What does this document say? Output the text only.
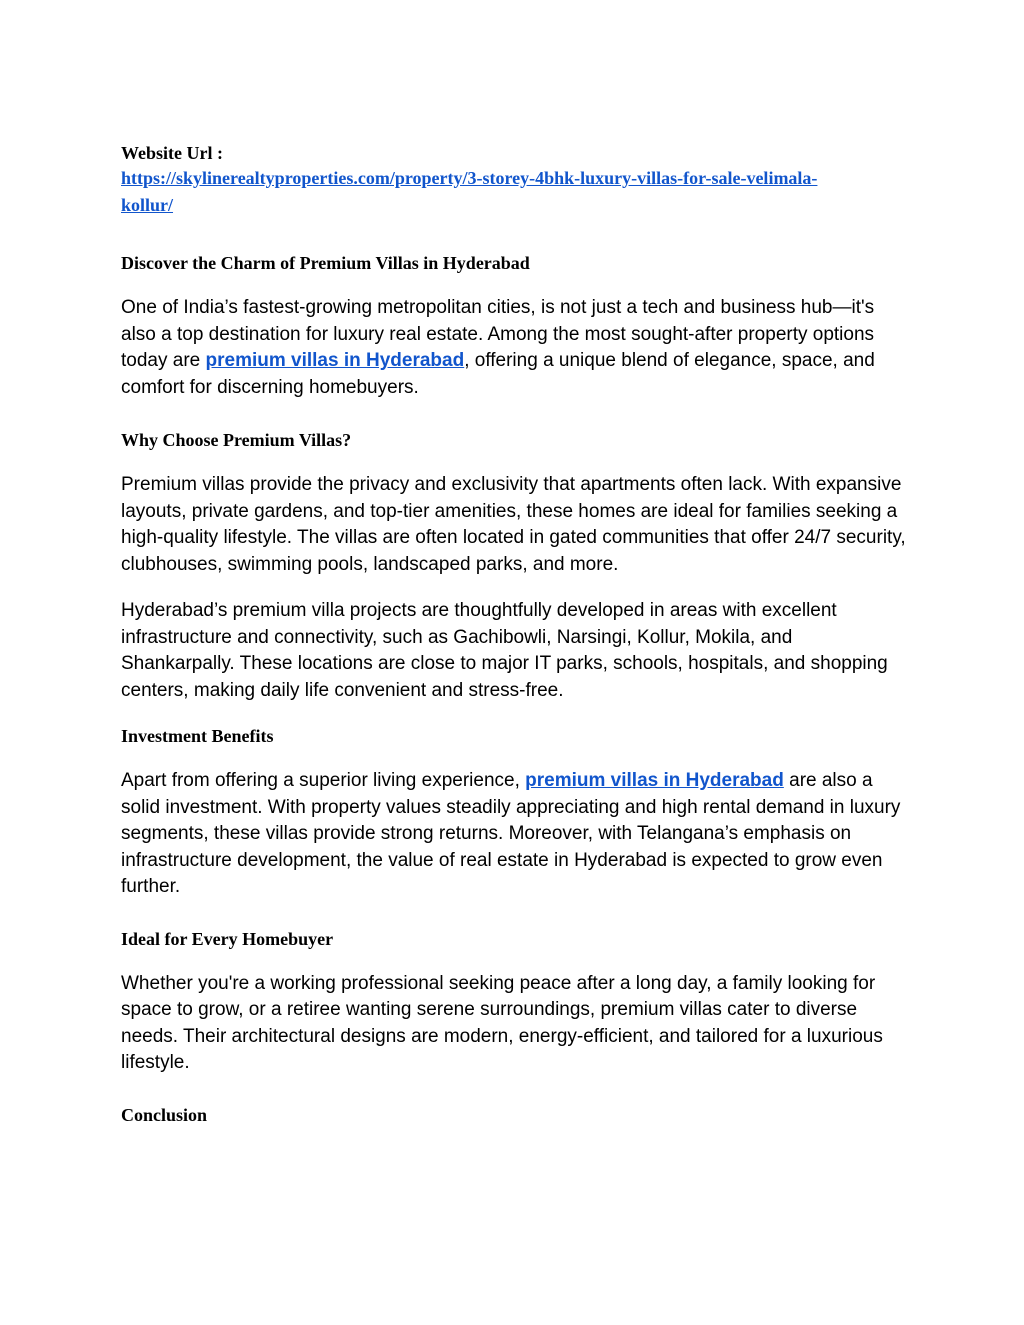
Website Url :

https://skylinerealtyproperties.com/property/3-storey-4bhk-luxury-villas-for-sale-velimala-
kollur/
Discover the Charm of Premium Villas in Hyderabad

One of India’s fastest-growing metropolitan cities, is not just a tech and business hub—it's also a top destination for luxury real estate. Among the most sought-after property options today are premium villas in Hyderabad, offering a unique blend of elegance, space, and comfort for discerning homebuyers.

Why Choose Premium Villas?

Premium villas provide the privacy and exclusivity that apartments often lack. With expansive layouts, private gardens, and top-tier amenities, these homes are ideal for families seeking a high-quality lifestyle. The villas are often located in gated communities that offer 24/7 security, clubhouses, swimming pools, landscaped parks, and more.

Hyderabad’s premium villa projects are thoughtfully developed in areas with excellent infrastructure and connectivity, such as Gachibowli, Narsingi, Kollur, Mokila, and Shankarpally. These locations are close to major IT parks, schools, hospitals, and shopping centers, making daily life convenient and stress-free.

Investment Benefits

Apart from offering a superior living experience, premium villas in Hyderabad are also a solid investment. With property values steadily appreciating and high rental demand in luxury segments, these villas provide strong returns. Moreover, with Telangana’s emphasis on infrastructure development, the value of real estate in Hyderabad is expected to grow even further.

Ideal for Every Homebuyer

Whether you're a working professional seeking peace after a long day, a family looking for space to grow, or a retiree wanting serene surroundings, premium villas cater to diverse needs. Their architectural designs are modern, energy-efficient, and tailored for a luxurious lifestyle.

Conclusion
